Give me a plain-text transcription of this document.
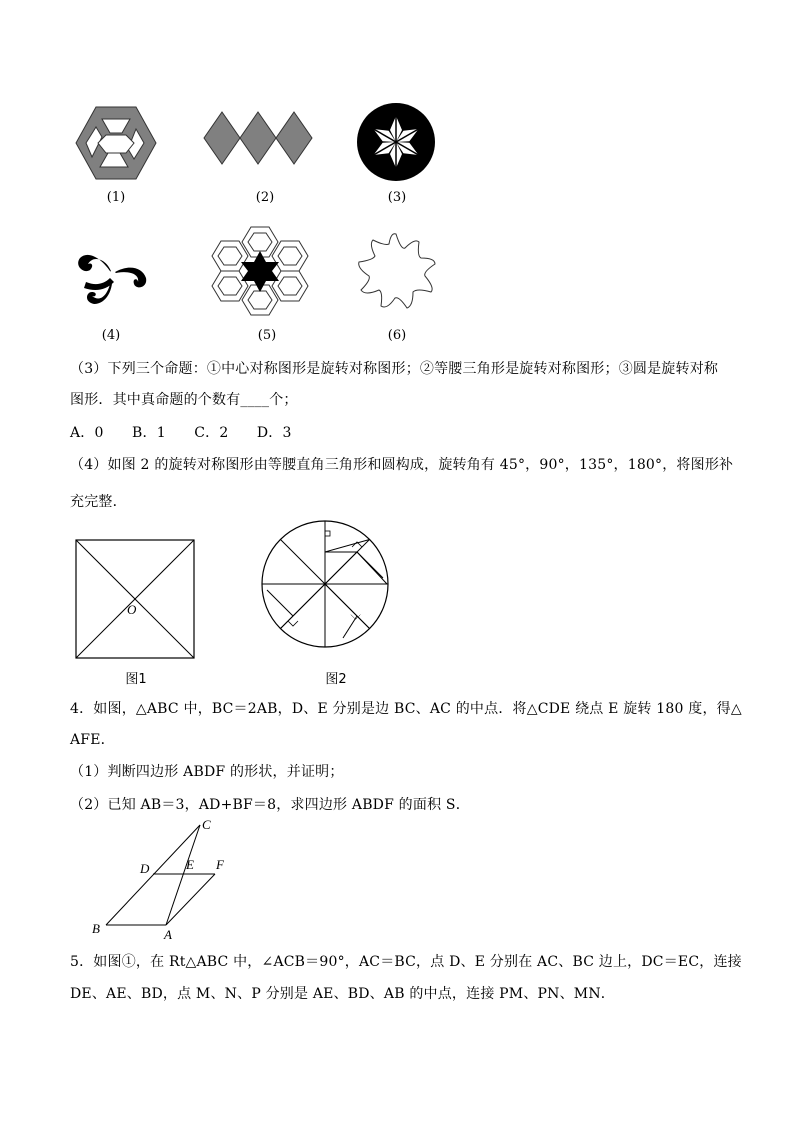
(1)	(2)	(3)
(4)	(5)	(6)
（3）下列三个命题：①中心对称图形是旋转对称图形；②等腰三角形是旋转对称图形；③圆是旋转对称
图形．其中真命题的个数有____个；
A．0　　B．1　　C．2　　D．3
（4）如图 2 的旋转对称图形由等腰直角三角形和圆构成，旋转角有 45°，90°，135°，180°，将图形补
充完整．
O
图1	图2
4．如图，△ABC 中，BC＝2AB，D、E 分别是边 BC、AC 的中点．将△CDE 绕点 E 旋转 180 度，得△
AFE．
（1）判断四边形 ABDF 的形状，并证明；
（2）已知 AB＝3，AD+BF＝8，求四边形 ABDF 的面积 S．
C
D	E F
B	A
5．如图①，在 Rt△ABC 中，∠ACB＝90°，AC＝BC，点 D、E 分别在 AC、BC 边上，DC＝EC，连接
DE、AE、BD，点 M、N、P 分别是 AE、BD、AB 的中点，连接 PM、PN、MN．
